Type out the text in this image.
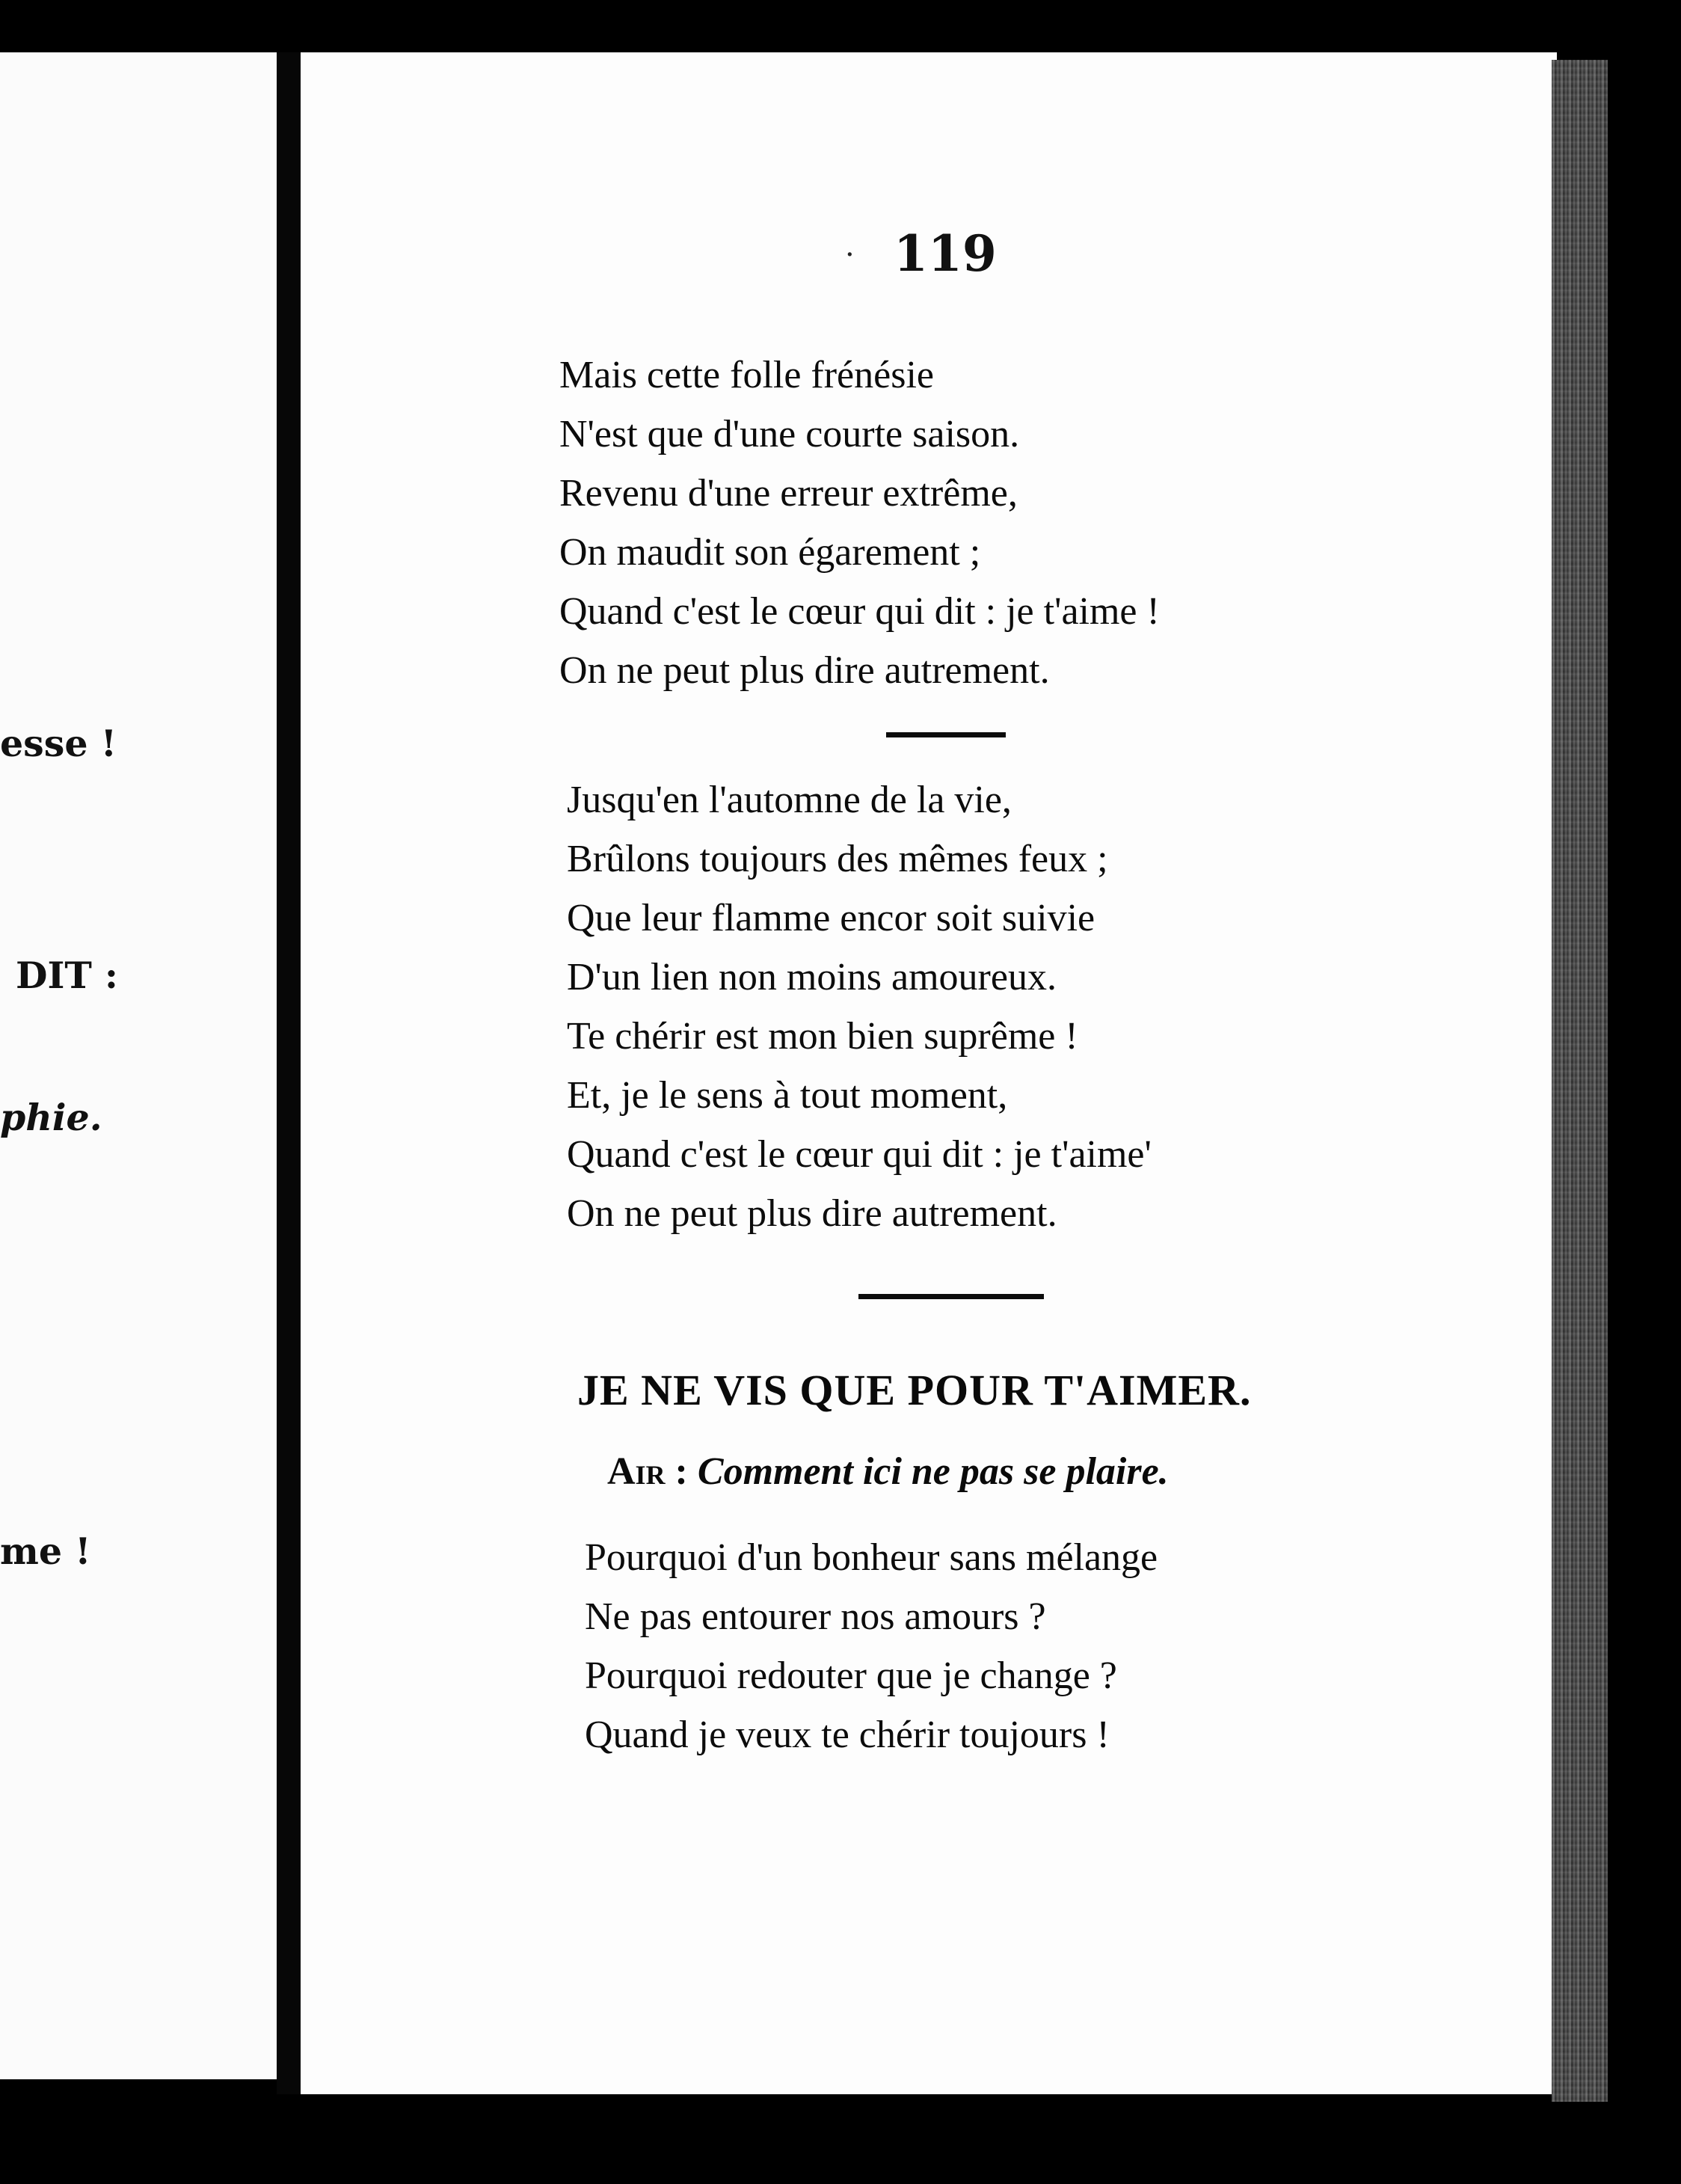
esse !
DIT :
phie.
me !
· 119
Mais cette folle frénésie
N'est que d'une courte saison.
Revenu d'une erreur extrême,
On maudit son égarement ;
Quand c'est le cœur qui dit : je t'aime !
On ne peut plus dire autrement.
Jusqu'en l'automne de la vie,
Brûlons toujours des mêmes feux ;
Que leur flamme encor soit suivie
D'un lien non moins amoureux.
Te chérir est mon bien suprême !
Et, je le sens à tout moment,
Quand c'est le cœur qui dit : je t'aime'
On ne peut plus dire autrement.
JE NE VIS QUE POUR T'AIMER.
Air : Comment ici ne pas se plaire.
Pourquoi d'un bonheur sans mélange
Ne pas entourer nos amours ?
Pourquoi redouter que je change ?
Quand je veux te chérir toujours !
